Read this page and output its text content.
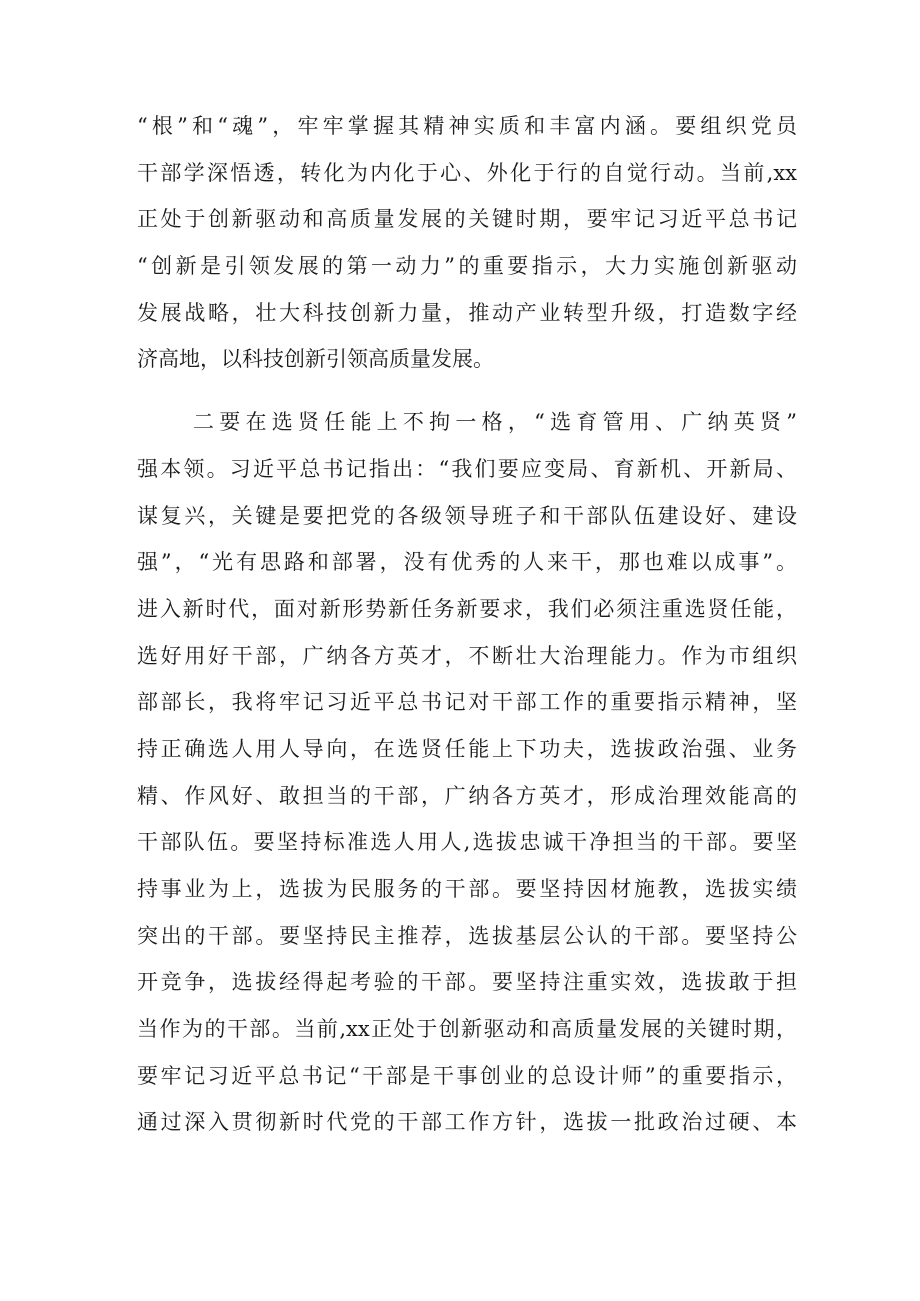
“根”和“魂”，牢牢掌握其精神实质和丰富内涵。要组织党员
干部学深悟透，转化为内化于心、外化于行的自觉行动。当前,xx
正处于创新驱动和高质量发展的关键时期，要牢记习近平总书记
“创新是引领发展的第一动力”的重要指示，大力实施创新驱动
发展战略，壮大科技创新力量，推动产业转型升级，打造数字经
济高地，以科技创新引领高质量发展。
二要在选贤任能上不拘一格，“选育管用、广纳英贤”
强本领。习近平总书记指出：“我们要应变局、育新机、开新局、
谋复兴，关键是要把党的各级领导班子和干部队伍建设好、建设
强”，“光有思路和部署，没有优秀的人来干，那也难以成事”。
进入新时代，面对新形势新任务新要求，我们必须注重选贤任能，
选好用好干部，广纳各方英才，不断壮大治理能力。作为市组织
部部长，我将牢记习近平总书记对干部工作的重要指示精神，坚
持正确选人用人导向，在选贤任能上下功夫，选拔政治强、业务
精、作风好、敢担当的干部，广纳各方英才，形成治理效能高的
干部队伍。要坚持标准选人用人,选拔忠诚干净担当的干部。要坚
持事业为上，选拔为民服务的干部。要坚持因材施教，选拔实绩
突出的干部。要坚持民主推荐，选拔基层公认的干部。要坚持公
开竞争，选拔经得起考验的干部。要坚持注重实效，选拔敢于担
当作为的干部。当前,xx正处于创新驱动和高质量发展的关键时期，
要牢记习近平总书记“干部是干事创业的总设计师”的重要指示，
通过深入贯彻新时代党的干部工作方针，选拔一批政治过硬、本
